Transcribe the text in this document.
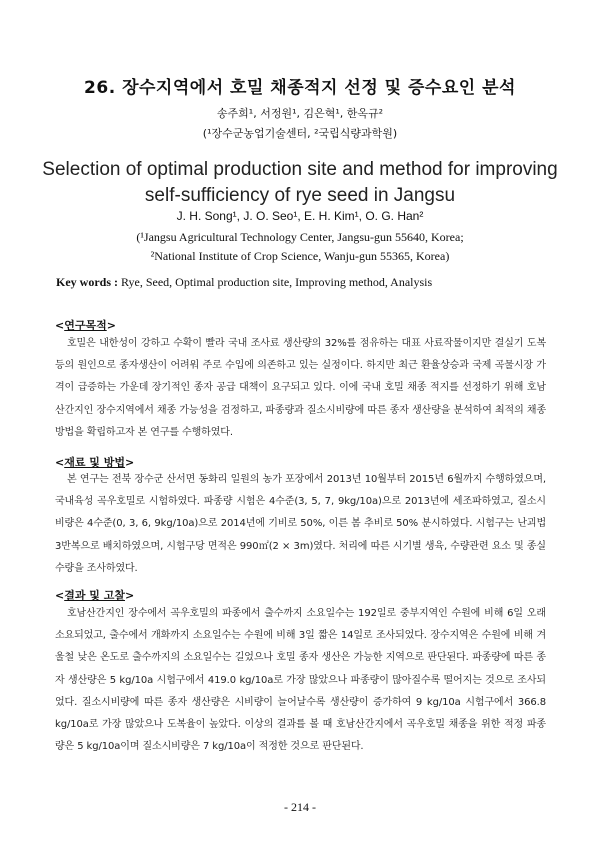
26. 장수지역에서 호밀 채종적지 선정 및 증수요인 분석
송주희¹, 서정원¹, 김은혁¹, 한옥규²
(¹장수군농업기술센터, ²국립식량과학원)
Selection of optimal production site and method for improving self-sufficiency of rye seed in Jangsu
J. H. Song¹, J. O. Seo¹, E. H. Kim¹, O. G. Han²
(¹Jangsu Agricultural Technology Center, Jangsu-gun 55640, Korea;
²National Institute of Crop Science, Wanju-gun 55365, Korea)
Key words : Rye, Seed, Optimal production site, Improving method, Analysis
<연구목적>
호밀은 내한성이 강하고 수확이 빨라 국내 조사료 생산량의 32%를 점유하는 대표 사료작물이지만 결실기 도복 등의 원인으로 종자생산이 어려워 주로 수입에 의존하고 있는 실정이다. 하지만 최근 환율상승과 국제 곡물시장 가격이 급증하는 가운데 장기적인 종자 공급 대책이 요구되고 있다. 이에 국내 호밀 채종 적지를 선정하기 위해 호남산간지인 장수지역에서 채종 가능성을 검정하고, 파종량과 질소시비량에 따른 종자 생산량을 분석하여 최적의 채종방법을 확립하고자 본 연구를 수행하였다.
<재료 및 방법>
본 연구는 전북 장수군 산서면 동화리 일원의 농가 포장에서 2013년 10월부터 2015년 6월까지 수행하였으며, 국내육성 곡우호밀로 시험하였다. 파종량 시험은 4수준(3, 5, 7, 9kg/10a)으로 2013년에 세조파하였고, 질소시비량은 4수준(0, 3, 6, 9kg/10a)으로 2014년에 기비로 50%, 이른 봄 추비로 50% 분시하였다. 시험구는 난괴법 3반복으로 배치하였으며, 시험구당 면적은 990㎡(2 × 3m)였다. 처리에 따른 시기별 생육, 수량관련 요소 및 종실수량을 조사하였다.
<결과 및 고찰>
호남산간지인 장수에서 곡우호밀의 파종에서 출수까지 소요일수는 192일로 중부지역인 수원에 비해 6일 오래 소요되었고, 출수에서 개화까지 소요일수는 수원에 비해 3일 짧은 14일로 조사되었다. 장수지역은 수원에 비해 겨울철 낮은 온도로 출수까지의 소요일수는 길었으나 호밀 종자 생산은 가능한 지역으로 판단된다. 파종량에 따른 종자 생산량은 5 kg/10a 시험구에서 419.0 kg/10a로 가장 많았으나 파종량이 많아질수록 떨어지는 것으로 조사되었다. 질소시비량에 따른 종자 생산량은 시비량이 늘어날수록 생산량이 증가하여 9 kg/10a 시험구에서 366.8 kg/10a로 가장 많았으나 도복율이 높았다. 이상의 결과를 볼 때 호남산간지에서 곡우호밀 채종을 위한 적정 파종량은 5 kg/10a이며 질소시비량은 7 kg/10a이 적정한 것으로 판단된다.
- 214 -
